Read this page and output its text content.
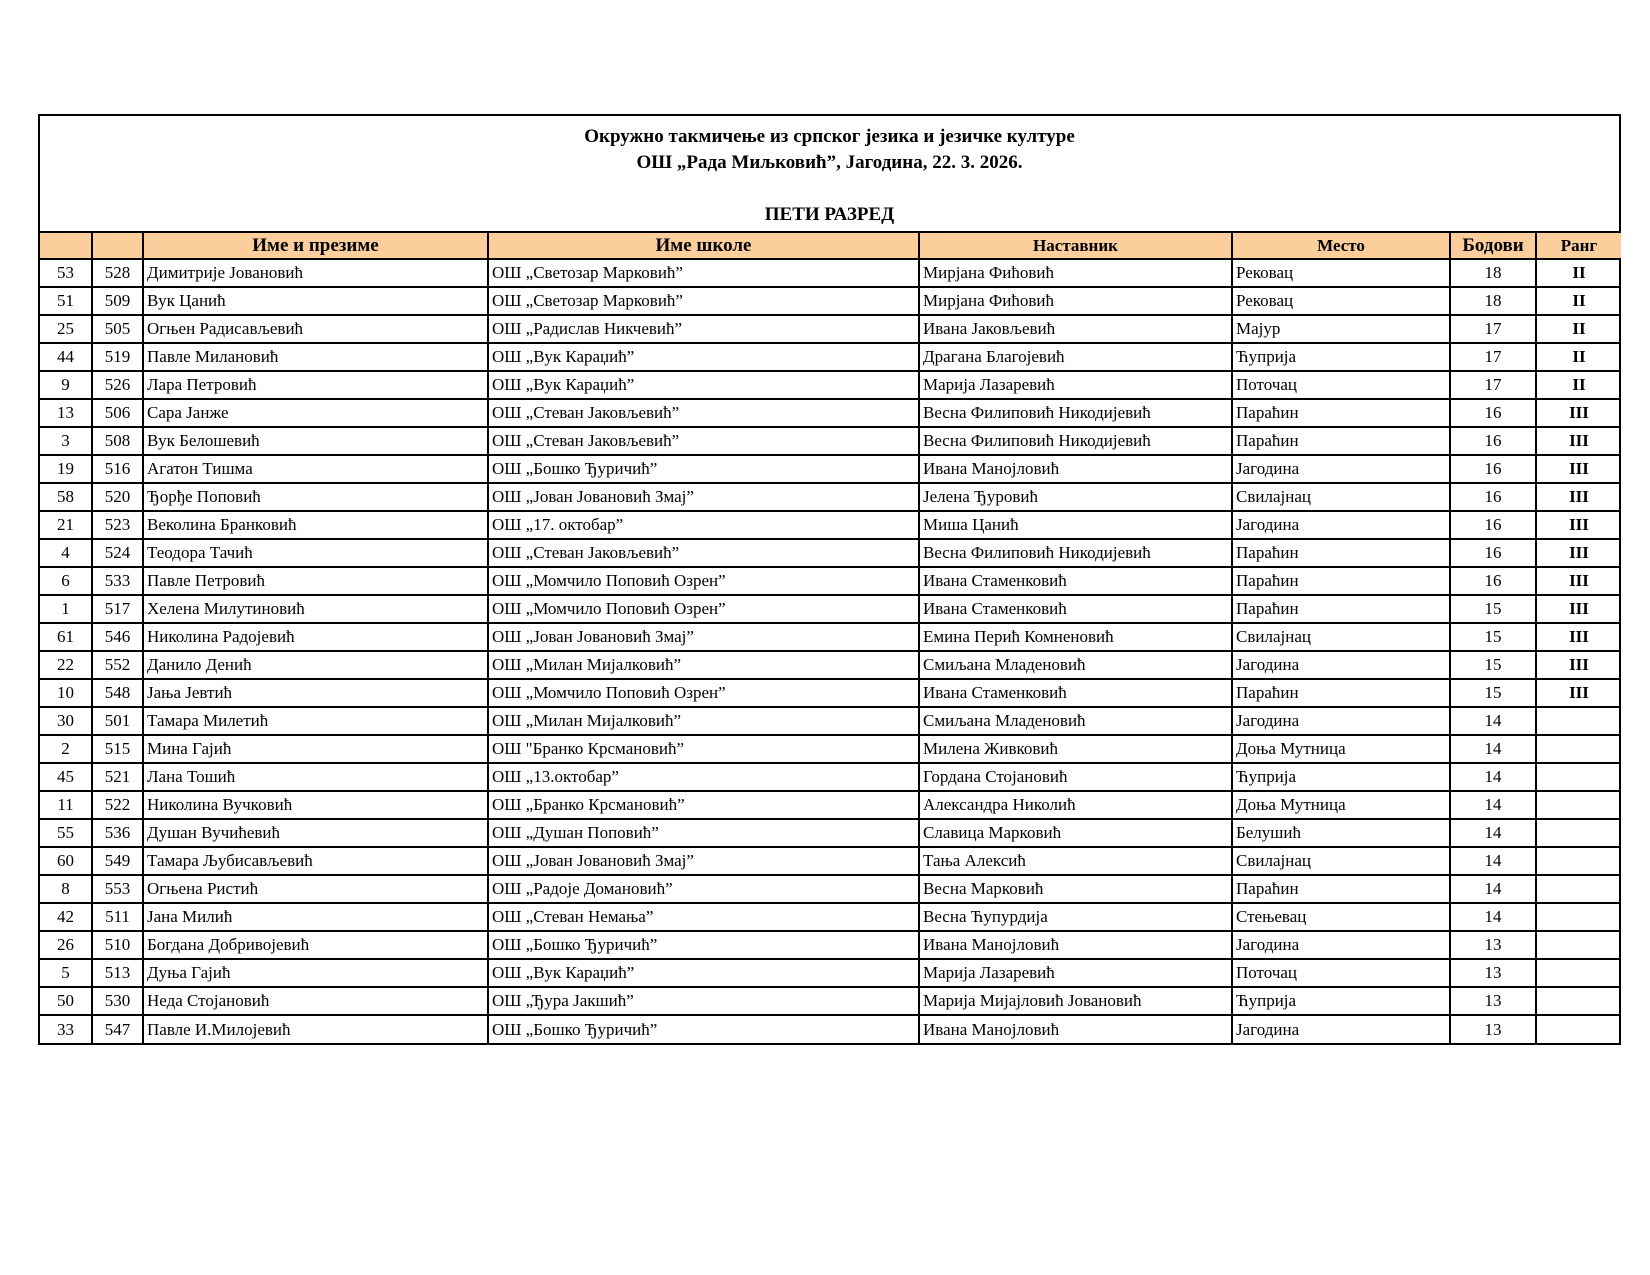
Окружно такмичење из српског језика и језичке културе
ОШ „Рада Миљковић”, Јагодина, 22. 3. 2026.
ПЕТИ РАЗРЕД
		Име и презиме	Име школе	Наставник	Место	Бодови	Ранг
53	528	Димитрије Јовановић	ОШ „Светозар Марковић”	Мирјана Фићовић	Рековац	18	II
51	509	Вук Цанић	ОШ „Светозар Марковић”	Мирјана Фићовић	Рековац	18	II
25	505	Огњен Радисављевић	ОШ „Радислав Никчевић”	Ивана Јаковљевић	Мајур	17	II
44	519	Павле Милановић	ОШ „Вук Караџић”	Драгана Благојевић	Ћуприја	17	II
9	526	Лара Петровић	ОШ „Вук Караџић”	Марија Лазаревић	Поточац	17	II
13	506	Сара Јанже	ОШ „Стеван Јаковљевић”	Весна Филиповић Никодијевић	Параћин	16	III
3	508	Вук Белошевић	ОШ „Стеван Јаковљевић”	Весна Филиповић Никодијевић	Параћин	16	III
19	516	Агатон Тишма	ОШ „Бошко Ђуричић”	Ивана Манојловић	Јагодина	16	III
58	520	Ђорђе Поповић	ОШ „Јован Јовановић Змај”	Јелена Ђуровић	Свилајнац	16	III
21	523	Веколина Бранковић	ОШ „17. октобар”	Миша Цанић	Јагодина	16	III
4	524	Теодора Тачић	ОШ „Стеван Јаковљевић”	Весна Филиповић Никодијевић	Параћин	16	III
6	533	Павле Петровић	ОШ „Момчило Поповић Озрен”	Ивана Стаменковић	Параћин	16	III
1	517	Хелена Милутиновић	ОШ „Момчило Поповић Озрен”	Ивана Стаменковић	Параћин	15	III
61	546	Николина Радојевић	ОШ „Јован Јовановић Змај”	Емина Перић Комненовић	Свилајнац	15	III
22	552	Данило Денић	ОШ „Милан Мијалковић”	Смиљана Младеновић	Јагодина	15	III
10	548	Јања Јевтић	ОШ „Момчило Поповић Озрен”	Ивана Стаменковић	Параћин	15	III
30	501	Тамара Милетић	ОШ „Милан Мијалковић”	Смиљана Младеновић	Јагодина	14	
2	515	Мина Гајић	ОШ "Бранко Крсмановић”	Милена Живковић	Доња Мутница	14	
45	521	Лана Тошић	ОШ „13.октобар”	Гордана Стојановић	Ћуприја	14	
11	522	Николина Вучковић	ОШ „Бранко Крсмановић”	Александра Николић	Доња Мутница	14	
55	536	Душан Вучићевић	ОШ „Душан Поповић”	Славица Марковић	Белушић	14	
60	549	Тамара Љубисављевић	ОШ „Јован Јовановић Змај”	Тања Алексић	Свилајнац	14	
8	553	Огњена Ристић	ОШ „Радоје Домановић”	Весна Марковић	Параћин	14	
42	511	Јана Милић	ОШ „Стеван Немања”	Весна Ћупурдија	Стењевац	14	
26	510	Богдана Добривојевић	ОШ „Бошко Ђуричић”	Ивана Манојловић	Јагодина	13	
5	513	Дуња Гајић	ОШ „Вук Караџић”	Марија Лазаревић	Поточац	13	
50	530	Неда Стојановић	ОШ „Ђура Јакшић”	Марија Мијајловић Јовановић	Ћуприја	13	
33	547	Павле И.Милојевић	ОШ „Бошко Ђуричић”	Ивана Манојловић	Јагодина	13	
